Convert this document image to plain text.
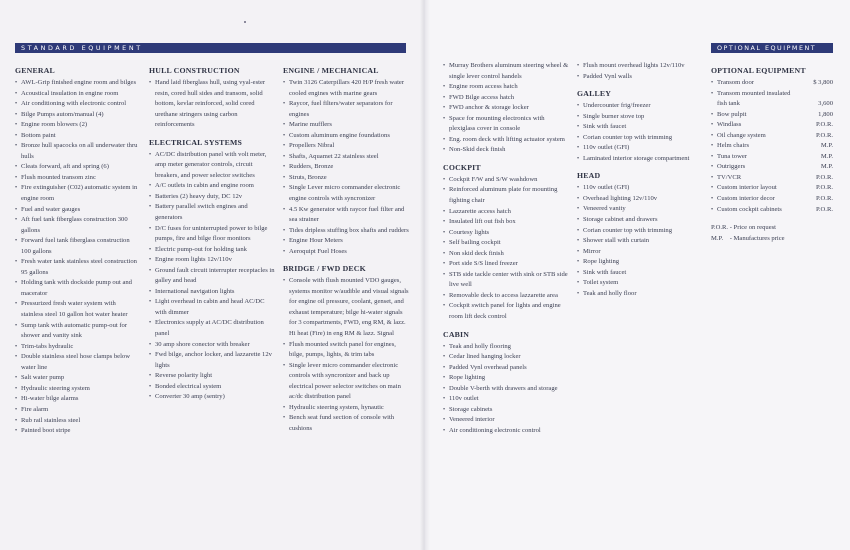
STANDARD EQUIPMENT	OPTIONAL EQUIPMENT
GENERAL
• AWL-Grip finished engine room and bilges
• Acoustical insulation in engine room
• Air conditioning with electronic control
• Bilge Pumps autom/manual (4)
• Engine room blowers (2)
• Bottom paint
• Bronze hull spacocks on all underwater thru hulls
• Cleats forward, aft and spring (6)
• Flush mounted transom zinc
• Fire extinguisher (C02) automatic system in engine room
• Fuel and water gauges
• Aft fuel tank fiberglass construction 300 gallons
• Forward fuel tank fiberglass construction 100 gallons
• Fresh water tank stainless steel construction 95 gallons
• Holding tank with dockside pump out and macerator
• Pressurized fresh water system with stainless steel 10 gallon hot water heater
• Sump tank with automatic pump-out for shower and vanity sink
• Trim-tabs hydraulic
• Double stainless steel hose clamps below water line
• Salt water pump
• Hydraulic steering system
• Hi-water bilge alarms
• Fire alarm
• Rub rail stainless steel
• Painted boot stripe
HULL CONSTRUCTION
• Hand laid fiberglass hull, using vyal-ester resin, cored hull sides and transom, solid bottom, kevlar reinforced, solid cored urethane stringers using carbon reinforcements
ELECTRICAL SYSTEMS
• AC/DC distribution panel with volt meter, amp meter generator controls, circuit breakers, and power selector switches
• A/C outlets in cabin and engine room
• Batteries (2) heavy duty, DC 12v
• Battery parallel switch engines and generators
• D/C fuses for uninterrupted power to bilge pumps, fire and bilge floor monitors
• Electric pump-out for holding tank
• Engine room lights 12v/110v
• Ground fault circuit interrupter receptacles in galley and head
• International navigation lights
• Light overhead in cabin and head AC/DC with dimmer
• Electronics supply at AC/DC distribution panel
• 30 amp shore conector with breaker
• Fwd bilge, anchor locker, and lazzarette 12v lights
• Reverse polarity light
• Bonded electrical system
• Converter 30 amp (sentry)
ENGINE / MECHANICAL
• Twin 3126 Caterpillars 420 H/P fresh water cooled engines with marine gears
• Raycor, fuel filters/water separators for engines
• Marine mufflers
• Custom aluminum engine foundations
• Propellers Nibral
• Shafts, Aquamet 22 stainless steel
• Rudders, Bronze
• Struts, Bronze
• Single Lever micro commander electronic engine controls with syncronizer
• 4.5 Kw generator with raycor fuel filter and sea strainer
• Tides dripless stuffing box shafts and rudders
• Engine Hour Meters
• Aeroquipt Fuel Hoses
BRIDGE / FWD DECK
• Console with flush mounted VDO gauges, systems monitor w/audible and visual signals for engine oil pressure, coolant, genset, and exhaust temperature; bilge hi-water signals for 3 compartments, FWD, eng RM, & lazz. Hi heat (Fire) in eng RM & lazz. Signal
• Flush mounted switch panel for engines, bilge, pumps, lights, & trim tabs
• Single lever micro commander electronic controls with syncronizer and back up electrical power selector switches on main ac/dc distribution panel
• Hydraulic steering system, hynautic
• Bench seat fund section of console with cushions
• Murray Brothers aluminum steering wheel & single lever control handels
• Engine room access hatch
• FWD Bilge access hatch
• FWD anchor & storage locker
• Space for mounting electronics with plexiglass cover in console
• Eng. room deck with lifting actuator system
• Non-Skid deck finish
COCKPIT
• Cockpit F/W and S/W washdown
• Reinforced aluminum plate for mounting fighting chair
• Lazzarette access hatch
• Insulated lift out fish box
• Courtesy lights
• Self bailing cockpit
• Non skid deck finish
• Port side S/S lined freezer
• STB side tackle center with sink or STB side live well
• Removable deck to access lazzarette area
• Cockpit switch panel for lights and engine room lift deck control
CABIN
• Teak and holly flooring
• Cedar lined hanging locker
• Padded Vynl overhead panels
• Rope lighting
• Double V-berth with drawers and storage
• 110v outlet
• Storage cabinets
• Veneered interior
• Air conditioning electronic control
• Flush mount overhead lights 12v/110v
• Padded Vynl walls
GALLEY
• Undercounter frig/freezer
• Single burner stove top
• Sink with faucet
• Corian counter top with trimming
• 110v outlet (GFI)
• Laminated interior storage compartment
HEAD
• 110v outlet (GFI)
• Overhead lighting 12v/110v
• Veneered vanity
• Storage cabinet and drawers
• Corian counter top with trimming
• Shower stall with curtain
• Mirror
• Rope lighting
• Sink with faucet
• Toilet system
• Teak and holly floor
OPTIONAL EQUIPMENT
• Transom door	$ 3,800
• Transom mounted insulated fish tank	3,600
• Bow pulpit	1,800
• Windlass	P.O.R.
• Oil change system	P.O.R.
• Helm chairs	M.P.
• Tuna tower	M.P.
• Outriggers	M.P.
• TV/VCR	P.O.R.
• Custom interior layout	P.O.R.
• Custom interior decor	P.O.R.
• Custom cockpit cabinets	P.O.R.
P.O.R. - Price on request
M.P.    - Manufactures price
